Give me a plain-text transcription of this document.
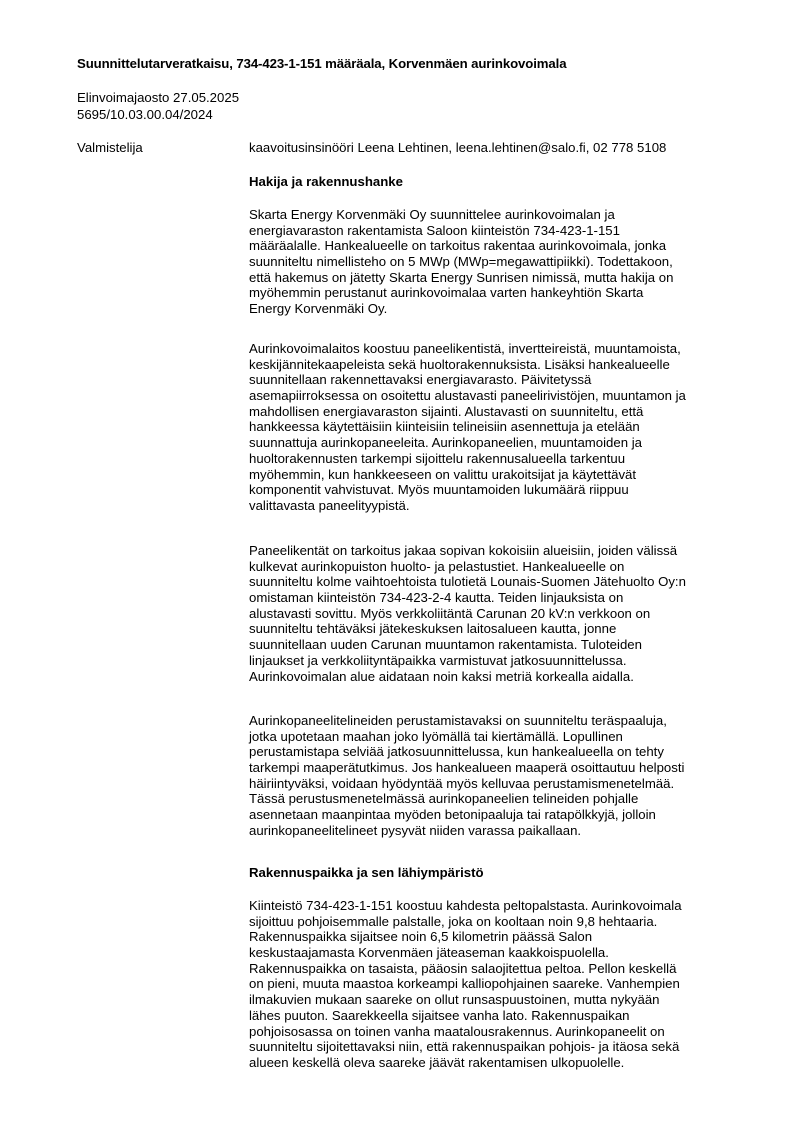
Suunnittelutarveratkaisu, 734-423-1-151 määräala, Korvenmäen aurinkovoimala
Elinvoimajaosto 27.05.2025
5695/10.03.00.04/2024
Valmistelija	kaavoitusinsinööri Leena Lehtinen, leena.lehtinen@salo.fi, 02 778 5108
Hakija ja rakennushanke
Skarta Energy Korvenmäki Oy suunnittelee aurinkovoimalan ja
energiavaraston rakentamista Saloon kiinteistön 734-423-1-151
määräalalle. Hankealueelle on tarkoitus rakentaa aurinkovoimala, jonka
suunniteltu nimellisteho on 5 MWp (MWp=megawattipiikki). Todettakoon,
että hakemus on jätetty Skarta Energy Sunrisen nimissä, mutta hakija on
myöhemmin perustanut aurinkovoimalaa varten hankeyhtiön Skarta
Energy Korvenmäki Oy.
Aurinkovoimalaitos koostuu paneelikentistä, invertteireistä, muuntamoista,
keskijännitekaapeleista sekä huoltorakennuksista. Lisäksi hankealueelle
suunnitellaan rakennettavaksi energiavarasto. Päivitetyssä
asemapiirroksessa on osoitettu alustavasti paneelirivistöjen, muuntamon ja
mahdollisen energiavaraston sijainti. Alustavasti on suunniteltu, että
hankkeessa käytettäisiin kiinteisiin telineisiin asennettuja ja etelään
suunnattuja aurinkopaneeleita. Aurinkopaneelien, muuntamoiden ja
huoltorakennusten tarkempi sijoittelu rakennusalueella tarkentuu
myöhemmin, kun hankkeeseen on valittu urakoitsijat ja käytettävät
komponentit vahvistuvat. Myös muuntamoiden lukumäärä riippuu
valittavasta paneelityypistä.
Paneelikentät on tarkoitus jakaa sopivan kokoisiin alueisiin, joiden välissä
kulkevat aurinkopuiston huolto- ja pelastustiet. Hankealueelle on
suunniteltu kolme vaihtoehtoista tulotietä Lounais-Suomen Jätehuolto Oy:n
omistaman kiinteistön 734-423-2-4 kautta. Teiden linjauksista on
alustavasti sovittu. Myös verkkoliitäntä Carunan 20 kV:n verkkoon on
suunniteltu tehtäväksi jätekeskuksen laitosalueen kautta, jonne
suunnitellaan uuden Carunan muuntamon rakentamista. Tuloteiden
linjaukset ja verkkoliityntäpaikka varmistuvat jatkosuunnittelussa.
Aurinkovoimalan alue aidataan noin kaksi metriä korkealla aidalla.
Aurinkopaneelitelineiden perustamistavaksi on suunniteltu teräspaaluja,
jotka upotetaan maahan joko lyömällä tai kiertämällä. Lopullinen
perustamistapa selviää jatkosuunnittelussa, kun hankealueella on tehty
tarkempi maaperätutkimus. Jos hankealueen maaperä osoittautuu helposti
häiriintyväksi, voidaan hyödyntää myös kelluvaa perustamismenetelmää.
Tässä perustusmenetelmässä aurinkopaneelien telineiden pohjalle
asennetaan maanpintaa myöden betonipaaluja tai ratapölkkyjä, jolloin
aurinkopaneelitelineet pysyvät niiden varassa paikallaan.
Rakennuspaikka ja sen lähiympäristö
Kiinteistö 734-423-1-151 koostuu kahdesta peltopalstasta. Aurinkovoimala
sijoittuu pohjoisemmalle palstalle, joka on kooltaan noin 9,8 hehtaaria.
Rakennuspaikka sijaitsee noin 6,5 kilometrin päässä Salon
keskustaajamasta Korvenmäen jäteaseman kaakkoispuolella.
Rakennuspaikka on tasaista, pääosin salaojitettua peltoa. Pellon keskellä
on pieni, muuta maastoa korkeampi kalliopohjainen saareke. Vanhempien
ilmakuvien mukaan saareke on ollut runsaspuustoinen, mutta nykyään
lähes puuton. Saarekkeella sijaitsee vanha lato. Rakennuspaikan
pohjoisosassa on toinen vanha maatalousrakennus. Aurinkopaneelit on
suunniteltu sijoitettavaksi niin, että rakennuspaikan pohjois- ja itäosa sekä
alueen keskellä oleva saareke jäävät rakentamisen ulkopuolelle.
